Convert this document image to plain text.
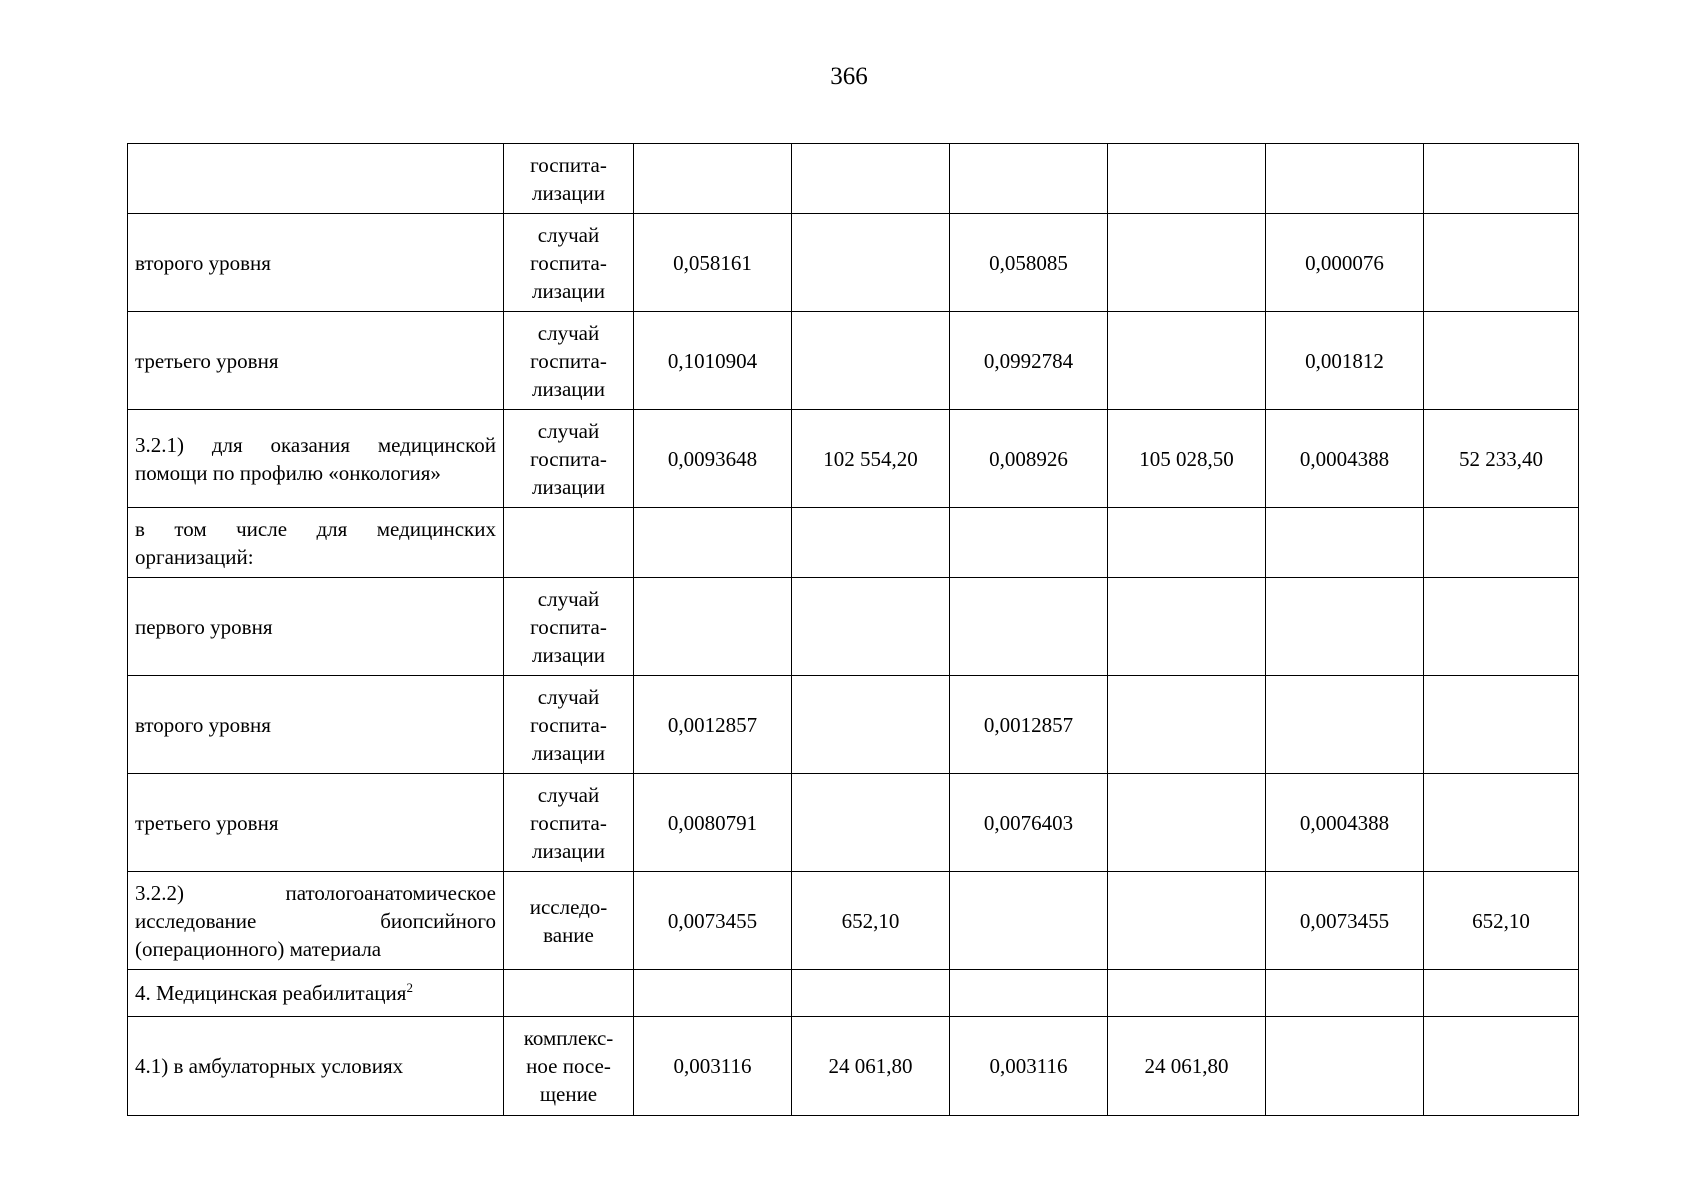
366
	госпита-
лизации						
второго уровня	случай
госпита-
лизации	0,058161		0,058085		0,000076	
третьего уровня	случай
госпита-
лизации	0,1010904		0,0992784		0,001812	
3.2.1) для оказания медицинской помощи по профилю «онкология»	случай
госпита-
лизации	0,0093648	102 554,20	0,008926	105 028,50	0,0004388	52 233,40
в том числе для медицинских организаций:							
первого уровня	случай
госпита-
лизации						
второго уровня	случай
госпита-
лизации	0,0012857		0,0012857			
третьего уровня	случай
госпита-
лизации	0,0080791		0,0076403		0,0004388	
3.2.2) патологоанатомическое исследование биопсийного (операционного) материала	исследо-
вание	0,0073455	652,10			0,0073455	652,10
4. Медицинская реабилитация$^2$							
4.1) в амбулаторных условиях	комплекс-
ное посе-
щение	0,003116	24 061,80	0,003116	24 061,80		
